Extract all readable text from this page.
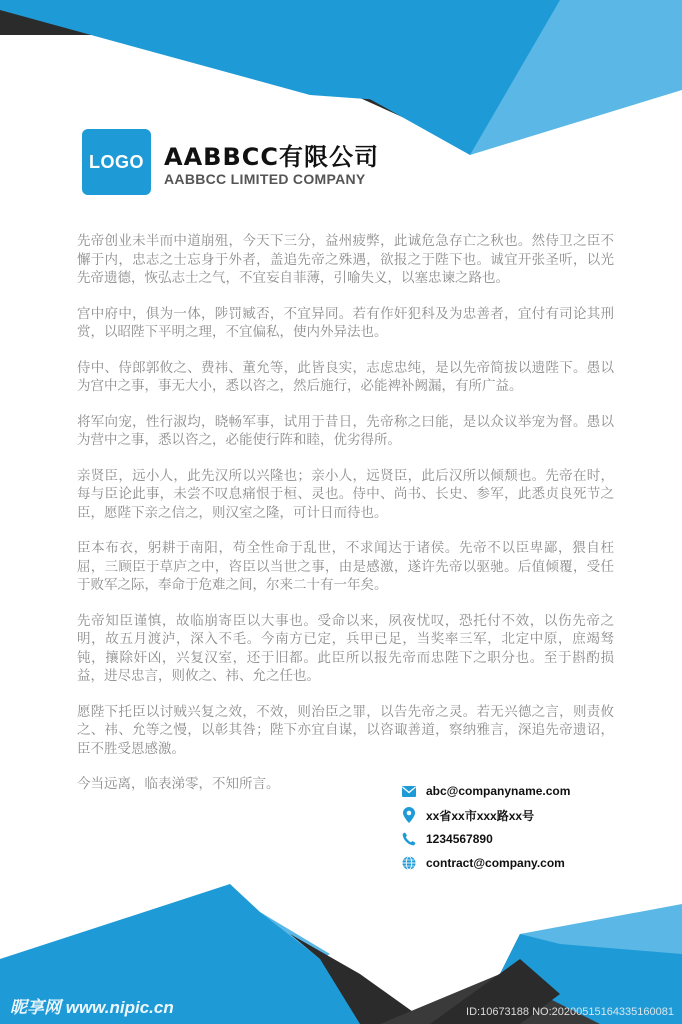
LOGO AABBCC有限公司
AABBCC LIMITED COMPANY

先帝创业未半而中道崩殂，今天下三分，益州疲弊，此诚危急存亡之秋也。然侍卫之臣不懈于内，忠志之士忘身于外者，盖追先帝之殊遇，欲报之于陛下也。诚宜开张圣听，以光先帝遗德，恢弘志士之气，不宜妄自菲薄，引喻失义，以塞忠谏之路也。

宫中府中，俱为一体，陟罚臧否，不宜异同。若有作奸犯科及为忠善者，宜付有司论其刑赏，以昭陛下平明之理，不宜偏私，使内外异法也。

侍中、侍郎郭攸之、费祎、董允等，此皆良实，志虑忠纯，是以先帝简拔以遗陛下。愚以为宫中之事，事无大小，悉以咨之，然后施行，必能裨补阙漏，有所广益。

将军向宠，性行淑均，晓畅军事，试用于昔日，先帝称之曰能，是以众议举宠为督。愚以为营中之事，悉以咨之，必能使行阵和睦，优劣得所。

亲贤臣，远小人，此先汉所以兴隆也；亲小人，远贤臣，此后汉所以倾颓也。先帝在时，每与臣论此事，未尝不叹息痛恨于桓、灵也。侍中、尚书、长史、参军，此悉贞良死节之臣，愿陛下亲之信之，则汉室之隆，可计日而待也。

臣本布衣，躬耕于南阳，苟全性命于乱世，不求闻达于诸侯。先帝不以臣卑鄙，猥自枉屈，三顾臣于草庐之中，咨臣以当世之事，由是感激，遂许先帝以驱驰。后值倾覆，受任于败军之际，奉命于危难之间，尔来二十有一年矣。

先帝知臣谨慎，故临崩寄臣以大事也。受命以来，夙夜忧叹，恐托付不效，以伤先帝之明，故五月渡泸，深入不毛。今南方已定，兵甲已足，当奖率三军，北定中原，庶竭驽钝，攘除奸凶，兴复汉室，还于旧都。此臣所以报先帝而忠陛下之职分也。至于斟酌损益，进尽忠言，则攸之、祎、允之任也。

愿陛下托臣以讨贼兴复之效，不效，则治臣之罪，以告先帝之灵。若无兴德之言，则责攸之、祎、允等之慢，以彰其咎；陛下亦宜自谋，以咨诹善道，察纳雅言，深追先帝遗诏，臣不胜受恩感激。

今当远离，临表涕零，不知所言。	abc@companyname.com
xx省xx市xxx路xx号
1234567890
contract@company.com
昵享网 www.nipic.cn	ID:10673188 NO:20200515164335160081
